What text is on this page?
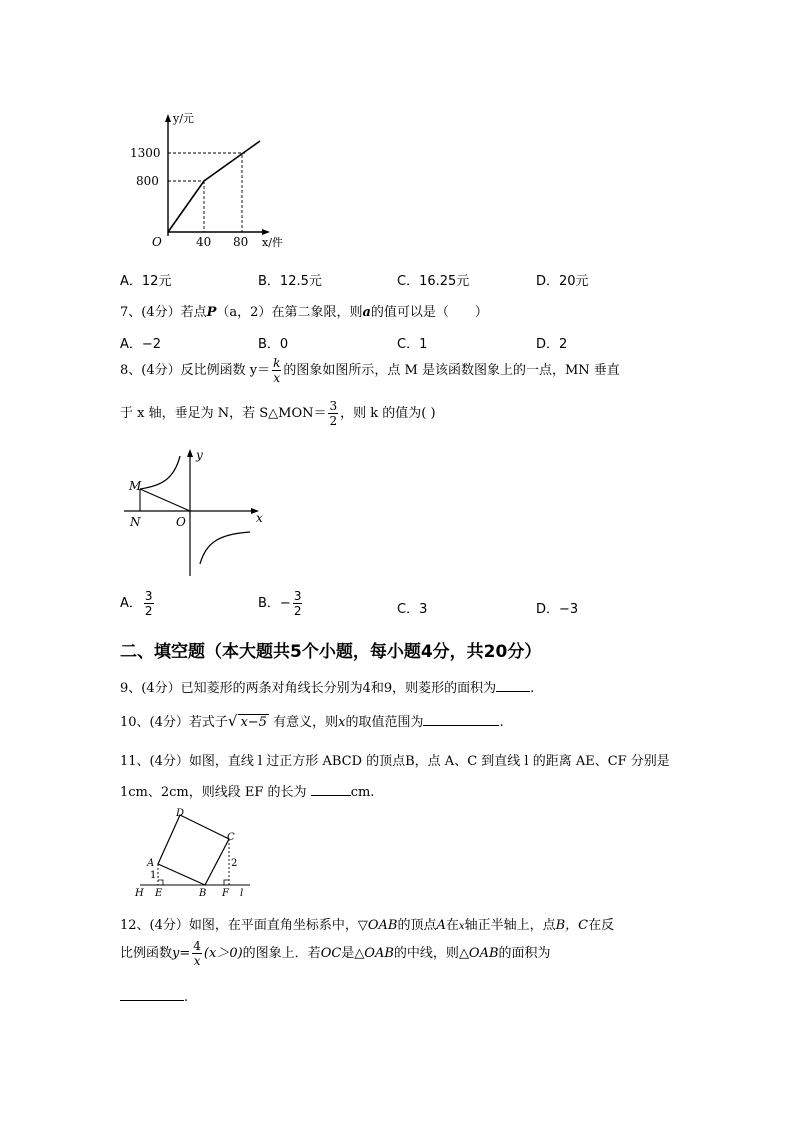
y/元
1300
800
O	40 80 x/件
A．12元	B．12.5元	C．16.25元	D．20元
7、(4分）若点P（a，2）在第二象限，则a的值可以是（　　）
A．−2	B．0	C．1	D．2
8、(4分）反比例函数 $y= \frac{k}{x}$ 的图象如图所示，点 M 是该函数图象上的一点，MN 垂直
于 x 轴，垂足为 N，若 S△MON＝ $\frac{3}{2}$ ，则 k 的值为( )
y
x
M
N	O
A． $\frac{3}{2}$	B．− $\frac{3}{2}$	C．3	D．−3
二、填空题（本大题共5个小题，每小题4分，共20分）
9、(4分）已知菱形的两条对角线长分别为4和9，则菱形的面积为	.
10、(4分）若式子√ x−5 有意义，则x的取值范围为	.
11、(4分）如图，直线 l 过正方形 ABCD 的顶点B，点 A、C 到直线 l 的距离 AE、CF 分别是
1cm、2cm，则线段 EF 的长为	cm.
D
C
A
B
H E	F l
1
2
12、(4分）如图，在平面直角坐标系中，▽OAB的顶点A在x轴正半轴上，点B，C在反
比例函数$y= \frac{4}{x} (x>0)$的图象上．若OC是△OAB的中线，则△OAB的面积为
.
